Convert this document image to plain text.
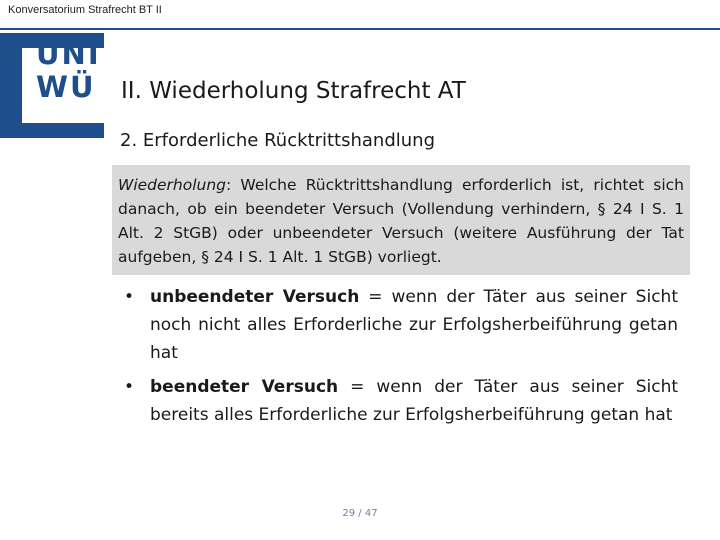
Konversatorium Strafrecht BT II
UNI
WÜ II. Wiederholung Strafrecht AT
2. Erforderliche Rücktrittshandlung
Wiederholung: Welche Rücktrittshandlung erforderlich ist, richtet sich danach, ob ein beendeter Versuch (Vollendung verhindern, § 24 I S. 1 Alt. 2 StGB) oder unbeendeter Versuch (weitere Ausführung der Tat aufgeben, § 24 I S. 1 Alt. 1 StGB) vorliegt.
• unbeendeter Versuch = wenn der Täter aus seiner Sicht noch nicht alles Erforderliche zur Erfolgsherbeiführung getan hat
• beendeter Versuch = wenn der Täter aus seiner Sicht bereits alles Erforderliche zur Erfolgsherbeiführung getan hat
29 / 47
